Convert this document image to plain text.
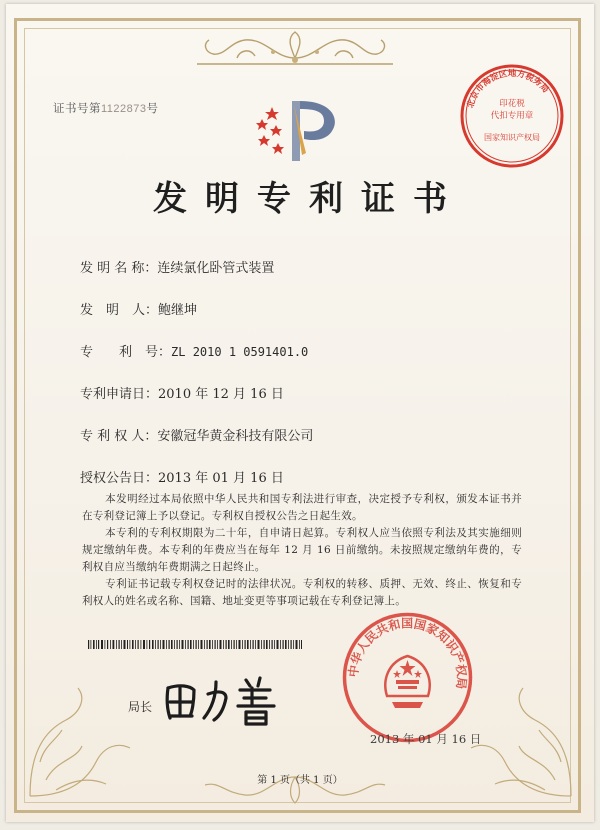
证书号第1122873号	北京市海淀区地方税务局
印花税
代扣专用章
国家知识产权局
发明专利证书
发 明 名 称：连续氯化卧管式装置
发　明　人：鲍继坤
专　　利　号：ZL 2010 1 0591401.0
专利申请日：2010 年 12 月 16 日
专 利 权 人：安徽冠华黄金科技有限公司
授权公告日：2013 年 01 月 16 日
本发明经过本局依照中华人民共和国专利法进行审查，决定授予专利权，颁发本证书并在专利登记簿上予以登记。专利权自授权公告之日起生效。
本专利的专利权期限为二十年，自申请日起算。专利权人应当依照专利法及其实施细则规定缴纳年费。本专利的年费应当在每年 12 月 16 日前缴纳。未按照规定缴纳年费的，专利权自应当缴纳年费期满之日起终止。
专利证书记载专利权登记时的法律状况。专利权的转移、质押、无效、终止、恢复和专利权人的姓名或名称、国籍、地址变更等事项记载在专利登记簿上。
局长
中华人民共和国国家知识产权局
2013 年 01 月 16 日
第 1 页（共 1 页）
